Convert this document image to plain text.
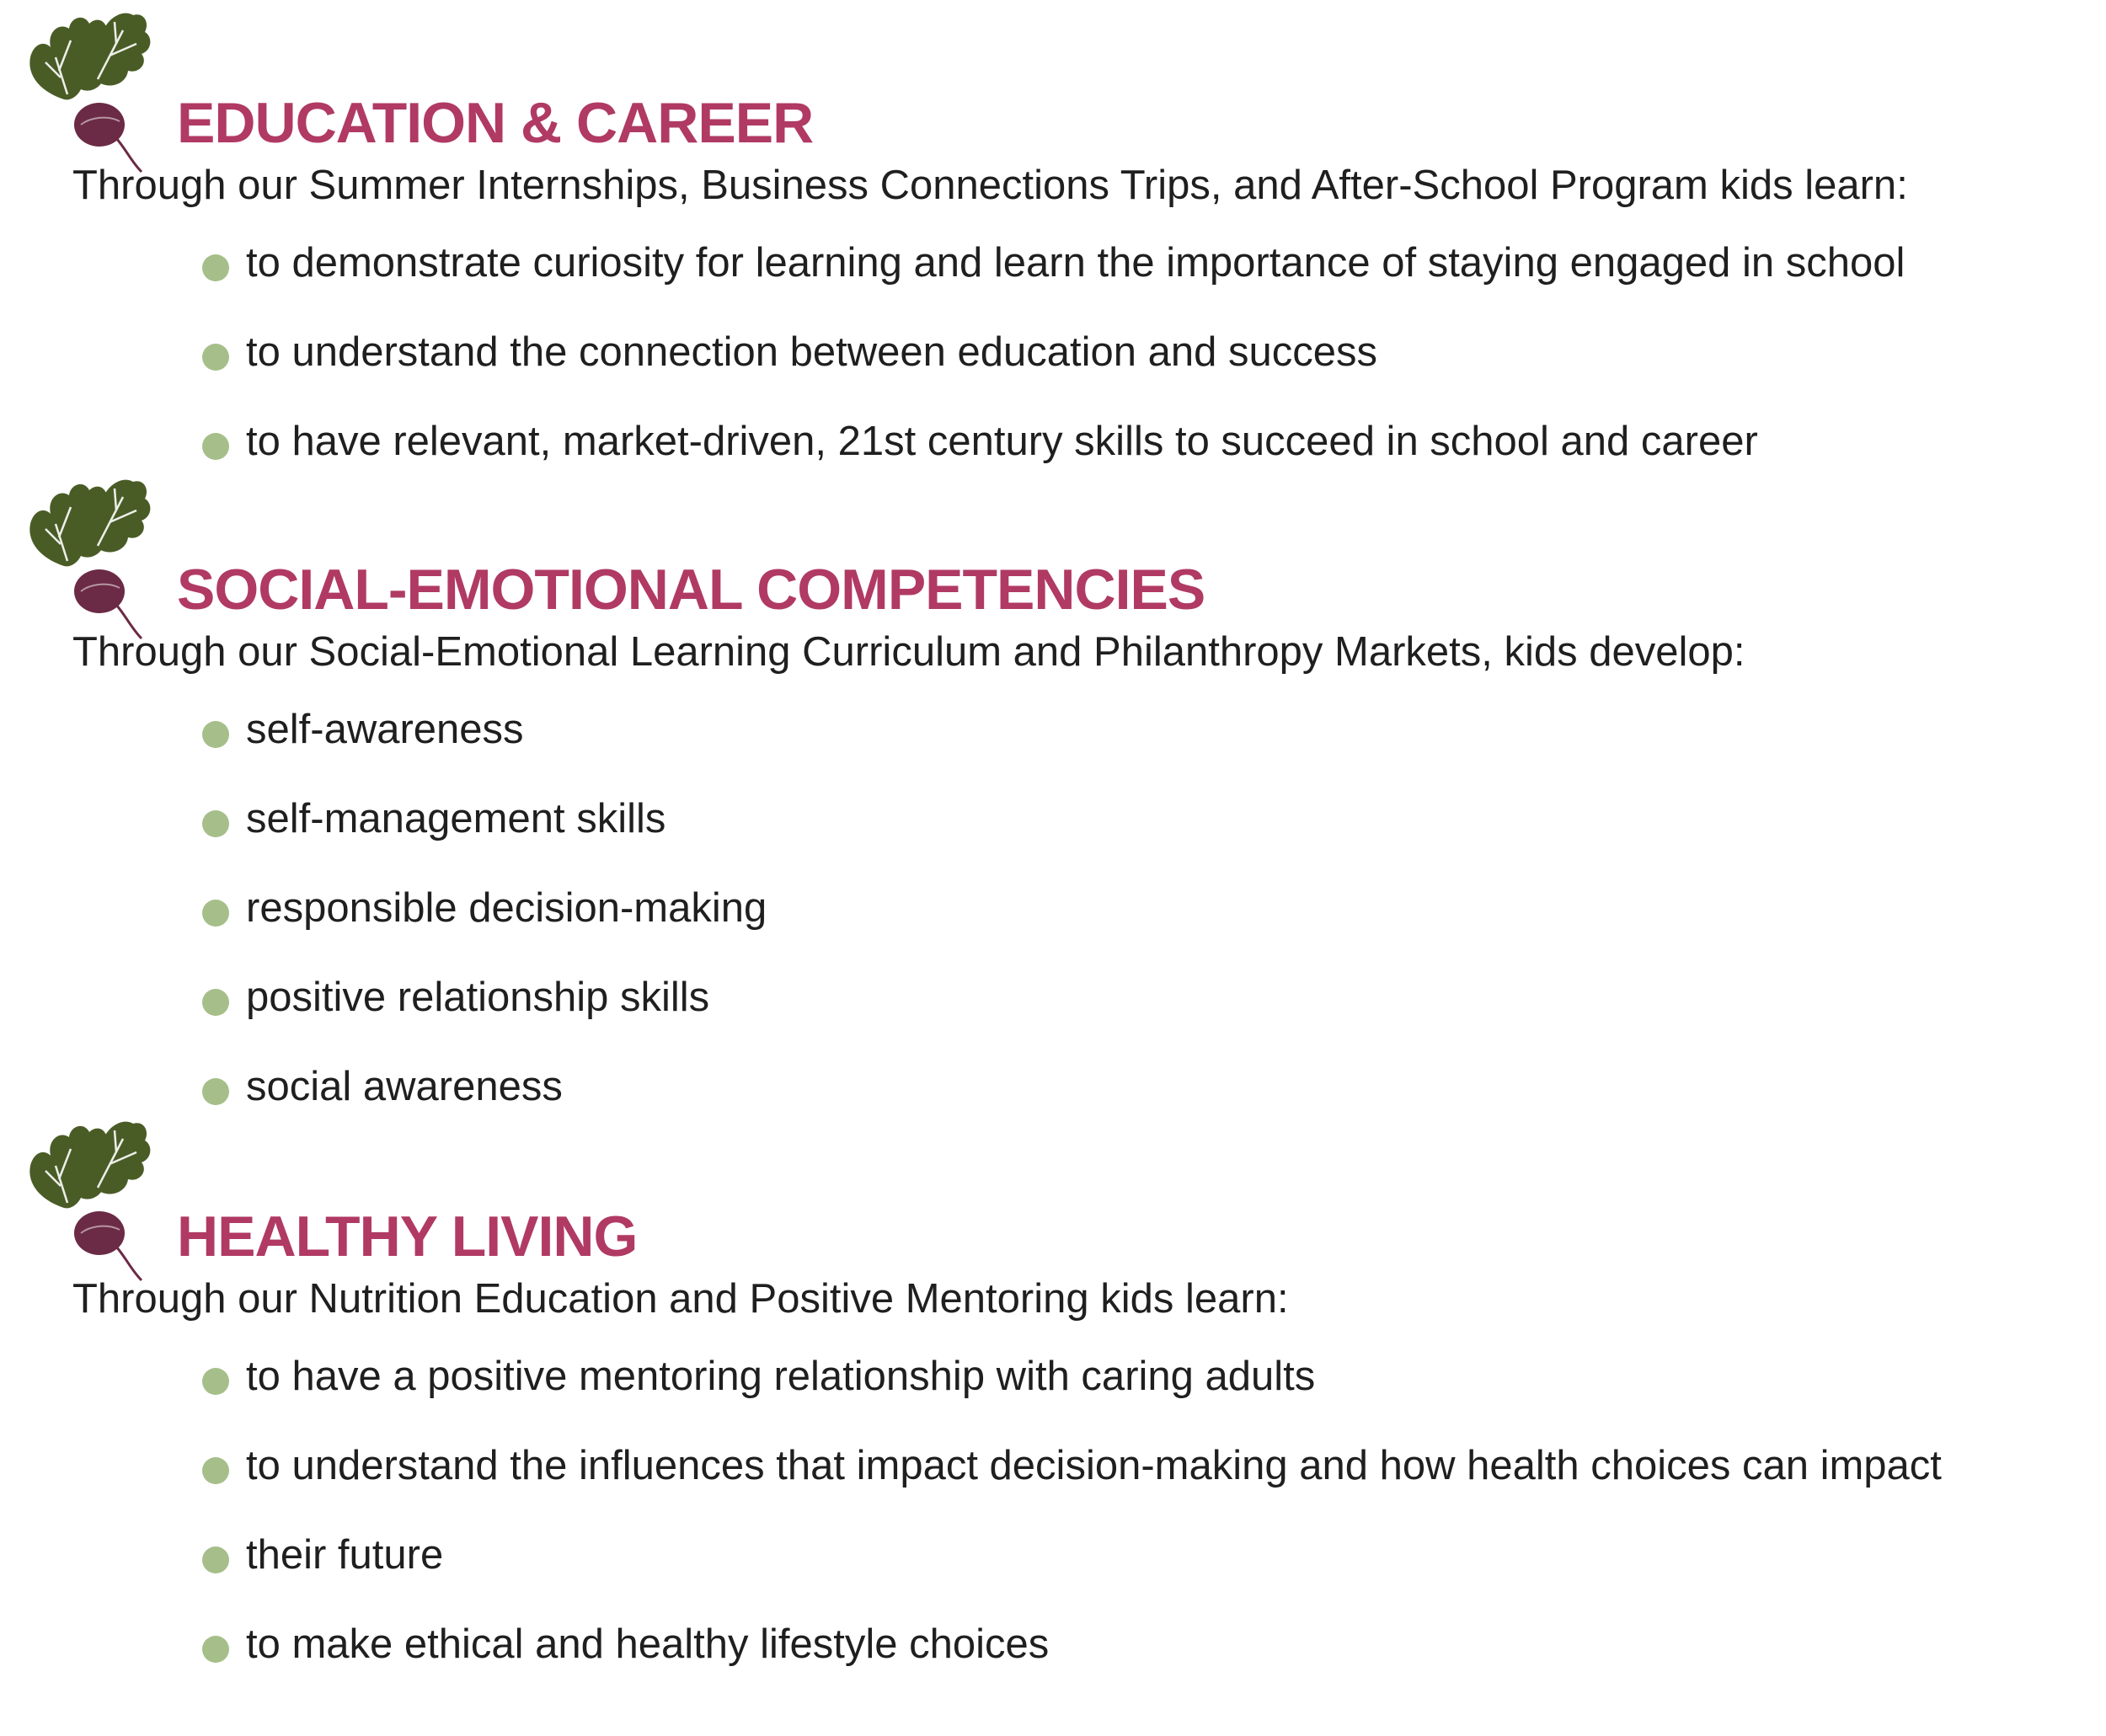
EDUCATION & CAREER

Through our Summer Internships, Business Connections Trips, and After-School Program kids learn:

to demonstrate curiosity for learning and learn the importance of staying engaged in school
to understand the connection between education and success
to have relevant, market-driven, 21st century skills to succeed in school and career
SOCIAL-EMOTIONAL COMPETENCIES

Through our Social-Emotional Learning Curriculum and Philanthropy Markets, kids develop:

self-awareness
self-management skills
responsible decision-making
positive relationship skills
social awareness
HEALTHY LIVING

Through our Nutrition Education and Positive Mentoring kids learn:

to have a positive mentoring relationship with caring adults
to understand the influences that impact decision-making and how health choices can impact
their future
to make ethical and healthy lifestyle choices
